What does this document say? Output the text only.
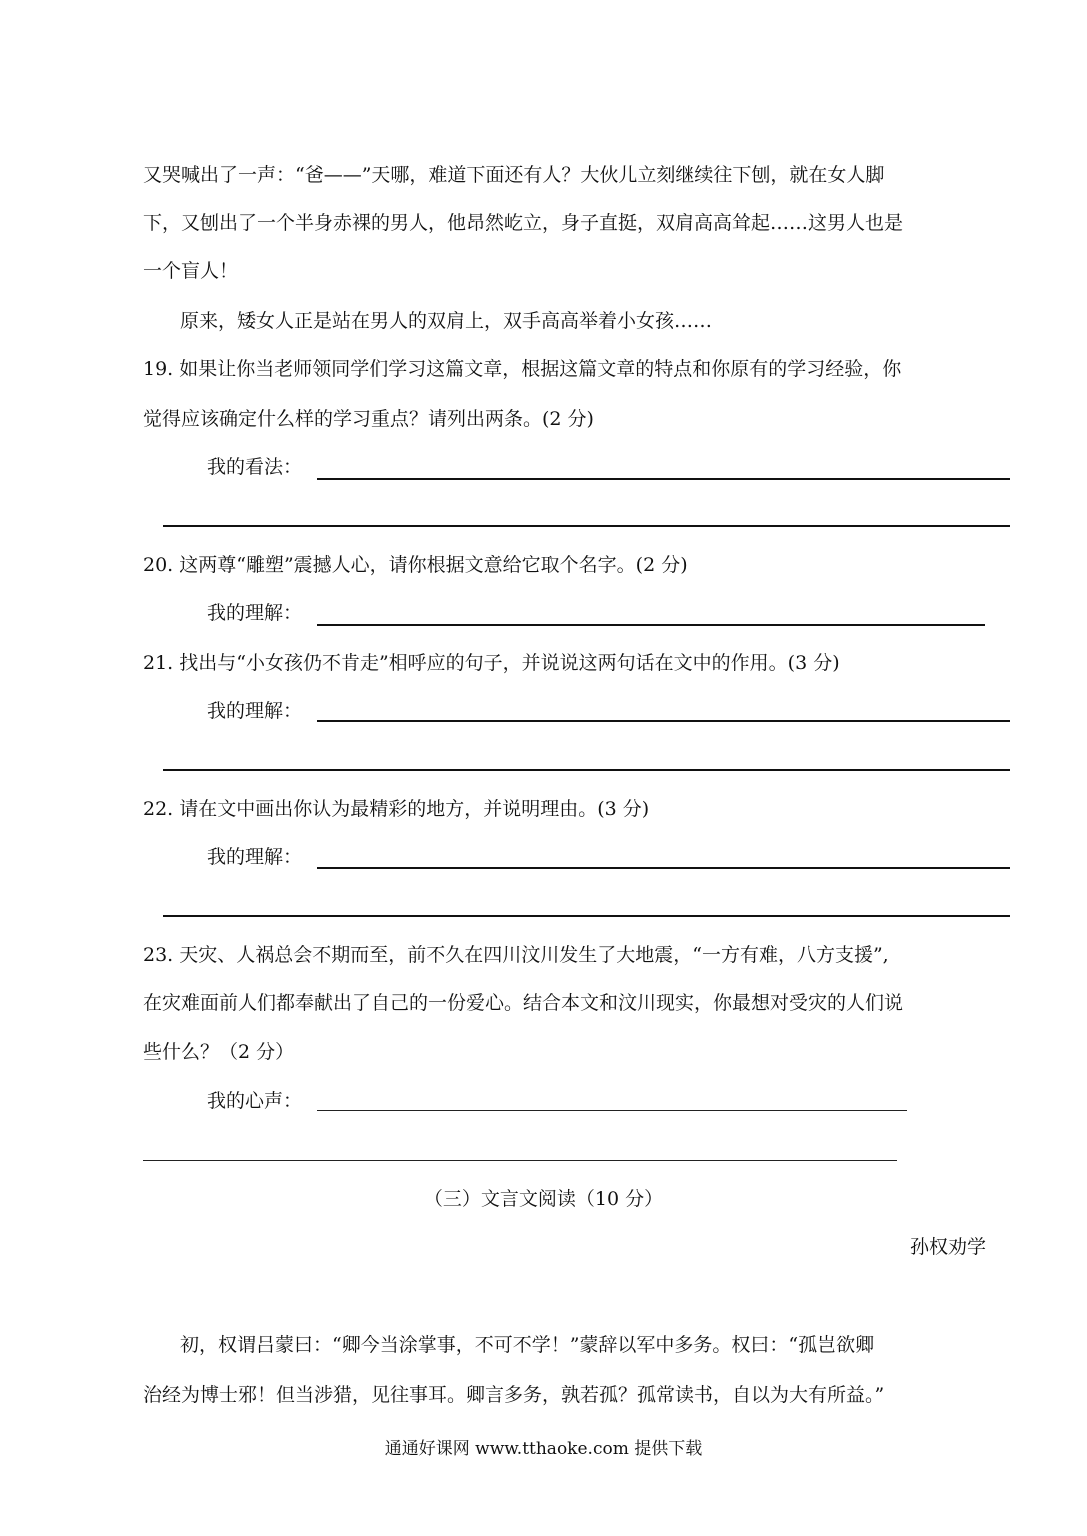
又哭喊出了一声：“爸——”天哪，难道下面还有人？大伙儿立刻继续往下刨，就在女人脚
下，又刨出了一个半身赤裸的男人，他昂然屹立，身子直挺，双肩高高耸起……这男人也是
一个盲人！
原来，矮女人正是站在男人的双肩上，双手高高举着小女孩……
19. 如果让你当老师领同学们学习这篇文章，根据这篇文章的特点和你原有的学习经验，你
觉得应该确定什么样的学习重点？请列出两条。(2 分)
我的看法：
20. 这两尊“雕塑”震撼人心，请你根据文意给它取个名字。(2 分)
我的理解：
21. 找出与“小女孩仍不肯走”相呼应的句子，并说说这两句话在文中的作用。(3 分)
我的理解：
22. 请在文中画出你认为最精彩的地方，并说明理由。(3 分)
我的理解：
23. 天灾、人祸总会不期而至，前不久在四川汶川发生了大地震，“一方有难，八方支援”,
在灾难面前人们都奉献出了自己的一份爱心。结合本文和汶川现实，你最想对受灾的人们说
些什么？（2 分）
我的心声：
（三）文言文阅读（10 分）
孙权劝学
初，权谓吕蒙曰：“卿今当涂掌事，不可不学！”蒙辞以军中多务。权曰：“孤岂欲卿
治经为博士邪！但当涉猎，见往事耳。卿言多务，孰若孤？孤常读书，自以为大有所益。”
通通好课网 www.tthaoke.com 提供下载
